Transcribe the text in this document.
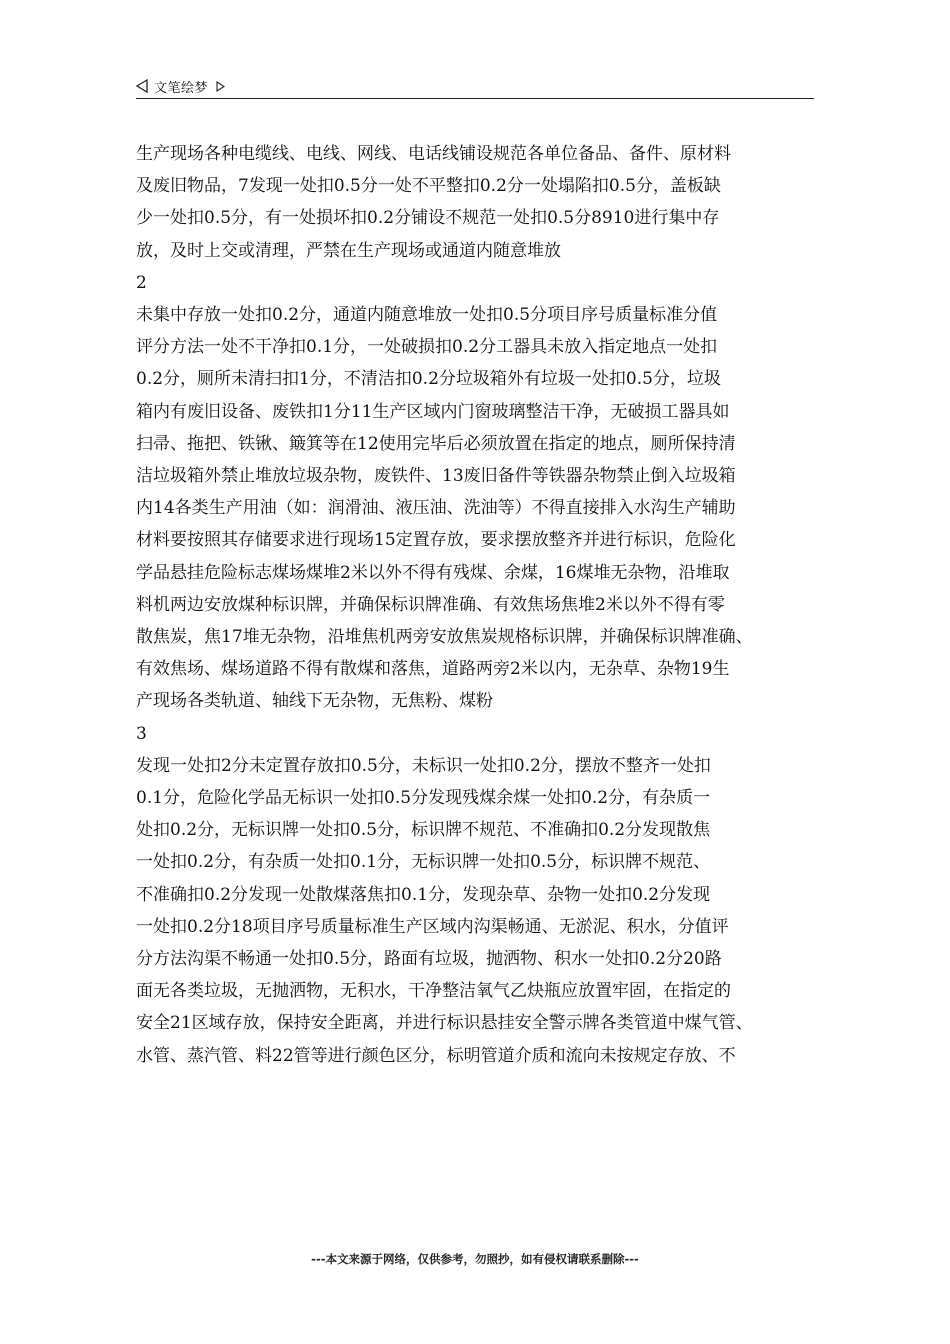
文笔绘梦

生产现场各种电缆线、电线、网线、电话线铺设规范各单位备品、备件、原材料

及废旧物品，7发现一处扣0.5分一处不平整扣0.2分一处塌陷扣0.5分，盖板缺

少一处扣0.5分，有一处损坏扣0.2分铺设不规范一处扣0.5分8910进行集中存

放，及时上交或清理，严禁在生产现场或通道内随意堆放

2

未集中存放一处扣0.2分，通道内随意堆放一处扣0.5分项目序号质量标准分值

评分方法一处不干净扣0.1分，一处破损扣0.2分工器具未放入指定地点一处扣

0.2分，厕所未清扫扣1分，不清洁扣0.2分垃圾箱外有垃圾一处扣0.5分，垃圾

箱内有废旧设备、废铁扣1分11生产区域内门窗玻璃整洁干净，无破损工器具如

扫帚、拖把、铁锹、簸箕等在12使用完毕后必须放置在指定的地点，厕所保持清

洁垃圾箱外禁止堆放垃圾杂物，废铁件、13废旧备件等铁器杂物禁止倒入垃圾箱

内14各类生产用油（如：润滑油、液压油、洗油等）不得直接排入水沟生产辅助

材料要按照其存储要求进行现场15定置存放，要求摆放整齐并进行标识，危险化

学品悬挂危险标志煤场煤堆2米以外不得有残煤、余煤，16煤堆无杂物，沿堆取

料机两边安放煤种标识牌，并确保标识牌准确、有效焦场焦堆2米以外不得有零

散焦炭，焦17堆无杂物，沿堆焦机两旁安放焦炭规格标识牌，并确保标识牌准确、

有效焦场、煤场道路不得有散煤和落焦，道路两旁2米以内，无杂草、杂物19生

产现场各类轨道、轴线下无杂物，无焦粉、煤粉

3

发现一处扣2分未定置存放扣0.5分，未标识一处扣0.2分，摆放不整齐一处扣

0.1分，危险化学品无标识一处扣0.5分发现残煤余煤一处扣0.2分，有杂质一

处扣0.2分，无标识牌一处扣0.5分，标识牌不规范、不准确扣0.2分发现散焦

一处扣0.2分，有杂质一处扣0.1分，无标识牌一处扣0.5分，标识牌不规范、

不准确扣0.2分发现一处散煤落焦扣0.1分，发现杂草、杂物一处扣0.2分发现

一处扣0.2分18项目序号质量标准生产区域内沟渠畅通、无淤泥、积水，分值评

分方法沟渠不畅通一处扣0.5分，路面有垃圾，抛洒物、积水一处扣0.2分20路

面无各类垃圾，无抛洒物，无积水，干净整洁氧气乙炔瓶应放置牢固，在指定的

安全21区域存放，保持安全距离，并进行标识悬挂安全警示牌各类管道中煤气管、

水管、蒸汽管、料22管等进行颜色区分，标明管道介质和流向未按规定存放、不

---本文来源于网络，仅供参考，勿照抄，如有侵权请联系删除---
